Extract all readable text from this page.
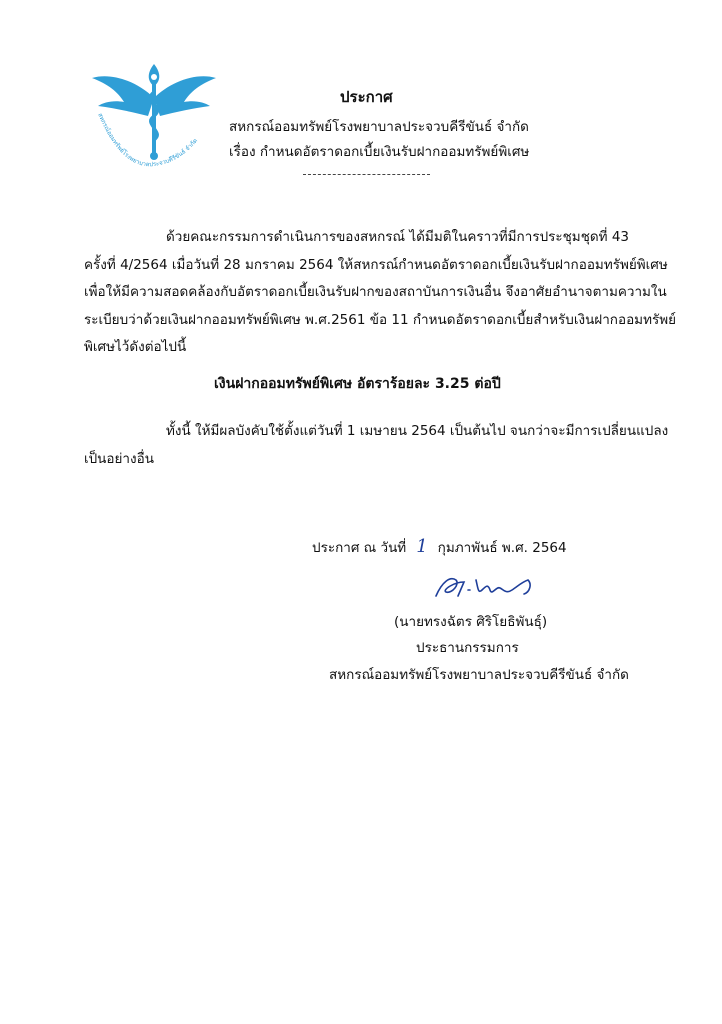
สหกรณ์ออมทรัพย์โรงพยาบาลประจวบคีรีขันธ์ จำกัด
ประกาศ
สหกรณ์ออมทรัพย์โรงพยาบาลประจวบคีรีขันธ์ จำกัด
เรื่อง กำหนดอัตราดอกเบี้ยเงินรับฝากออมทรัพย์พิเศษ
ด้วยคณะกรรมการดำเนินการของสหกรณ์ ได้มีมติในคราวที่มีการประชุมชุดที่ 43
ครั้งที่ 4/2564 เมื่อวันที่ 28 มกราคม 2564 ให้สหกรณ์กำหนดอัตราดอกเบี้ยเงินรับฝากออมทรัพย์พิเศษ
เพื่อให้มีความสอดคล้องกับอัตราดอกเบี้ยเงินรับฝากของสถาบันการเงินอื่น จึงอาศัยอำนาจตามความใน
ระเบียบว่าด้วยเงินฝากออมทรัพย์พิเศษ พ.ศ.2561 ข้อ 11 กำหนดอัตราดอกเบี้ยสำหรับเงินฝากออมทรัพย์
พิเศษไว้ดังต่อไปนี้
เงินฝากออมทรัพย์พิเศษ อัตราร้อยละ 3.25 ต่อปี
ทั้งนี้ ให้มีผลบังคับใช้ตั้งแต่วันที่ 1 เมษายน 2564 เป็นต้นไป จนกว่าจะมีการเปลี่ยนแปลง
เป็นอย่างอื่น
ประกาศ ณ วันที่ 1 กุมภาพันธ์ พ.ศ. 2564
(นายทรงฉัตร ศิริโยธิพันธุ์)
ประธานกรรมการ
สหกรณ์ออมทรัพย์โรงพยาบาลประจวบคีรีขันธ์ จำกัด
